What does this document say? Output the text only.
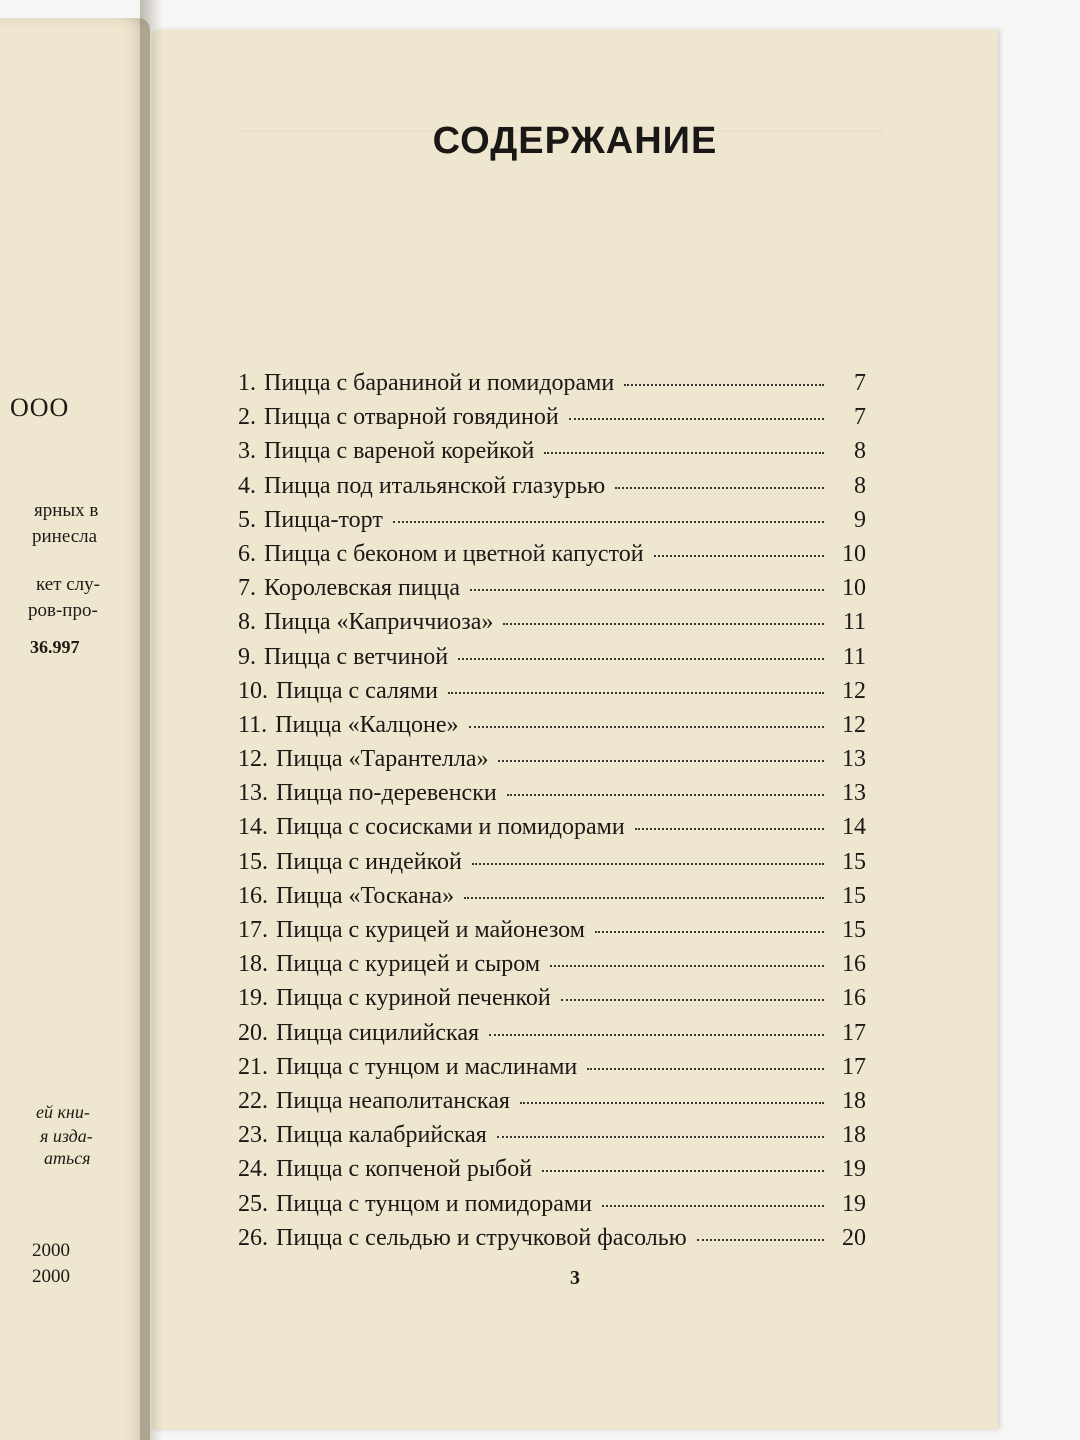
ООО
ярных в
ринесла
кет слу-
ров-про-
36.997
ей кни-
я изда-
аться
2000
2000
СОДЕРЖАНИЕ
1. Пицца с бараниной и помидорами	7
2. Пицца с отварной говядиной	7
3. Пицца с вареной корейкой	8
4. Пицца под итальянской глазурью	8
5. Пицца-торт	9
6. Пицца с беконом и цветной капустой	10
7. Королевская пицца	10
8. Пицца «Каприччиоза»	11
9. Пицца с ветчиной	11
10. Пицца с салями	12
11. Пицца «Калцоне»	12
12. Пицца «Тарантелла»	13
13. Пицца по-деревенски	13
14. Пицца с сосисками и помидорами	14
15. Пицца с индейкой	15
16. Пицца «Тоскана»	15
17. Пицца с курицей и майонезом	15
18. Пицца с курицей и сыром	16
19. Пицца с куриной печенкой	16
20. Пицца сицилийская	17
21. Пицца с тунцом и маслинами	17
22. Пицца неаполитанская	18
23. Пицца калабрийская	18
24. Пицца с копченой рыбой	19
25. Пицца с тунцом и помидорами	19
26. Пицца с сельдью и стручковой фасолью	20
3
